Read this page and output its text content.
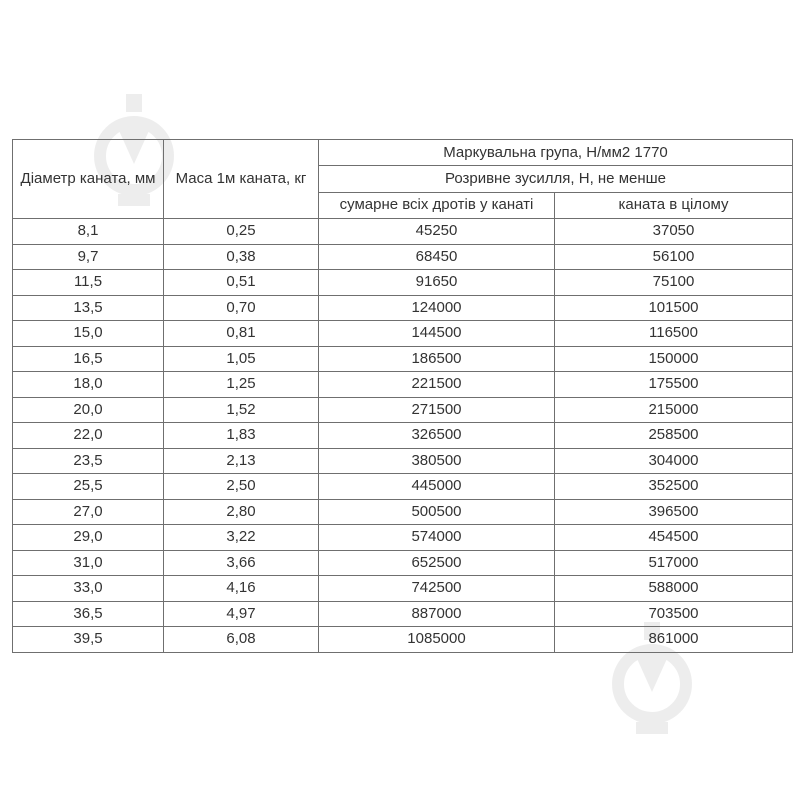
Діаметр каната, мм	Маса 1м каната, кг	Маркувальна група, Н/мм2 1770	
		Розривне зусилля, Н, не менше	
		сумарне всіх дротів у канаті	каната в цілому
8,1	0,25	45250	37050
9,7	0,38	68450	56100
11,5	0,51	91650	75100
13,5	0,70	124000	101500
15,0	0,81	144500	116500
16,5	1,05	186500	150000
18,0	1,25	221500	175500
20,0	1,52	271500	215000
22,0	1,83	326500	258500
23,5	2,13	380500	304000
25,5	2,50	445000	352500
27,0	2,80	500500	396500
29,0	3,22	574000	454500
31,0	3,66	652500	517000
33,0	4,16	742500	588000
36,5	4,97	887000	703500
39,5	6,08	1085000	861000
